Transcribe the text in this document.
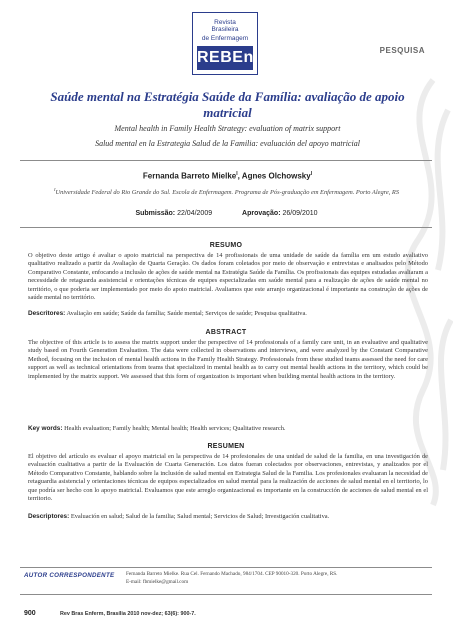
Revista
Brasileira
de Enfermagem
REBEn	PESQUISA
Saúde mental na Estratégia Saúde da Família: avaliação de apoio matricial
Mental health in Family Health Strategy: evaluation of matrix support
Salud mental en la Estrategia Salud de la Familia: evaluación del apoyo matricial
Fernanda Barreto Mielke$^I$, Agnes Olchowsky$^I$
$^I$Universidade Federal do Rio Grande do Sul. Escola de Enfermagem. Programa de Pós-graduação em Enfermagem. Porto Alegre, RS
Submissão: 22/04/2009	Aprovação: 26/09/2010
RESUMO
O objetivo deste artigo é avaliar o apoio matricial na perspectiva de 14 profissionais de uma unidade de saúde da família em um estudo avaliativo qualitativo realizado a partir da Avaliação de Quarta Geração. Os dados foram coletados por meio de observação e entrevistas e analisados pelo Método Comparativo Constante, enfocando a inclusão de ações de saúde mental na Estratégia Saúde da Família. Os profissionais das equipes estudadas avaliaram a necessidade de retaguarda assistencial e orientações técnicas de equipes especializadas em saúde mental para a realização de ações de saúde mental no território, o que poderia ser implementado por meio do apoio matricial. Avaliamos que este arranjo organizacional é importante na construção de ações de saúde mental no território.
Descritores: Avaliação em saúde; Saúde da família; Saúde mental; Serviços de saúde; Pesquisa qualitativa.
ABSTRACT
The objective of this article is to assess the matrix support under the perspective of 14 professionals of a family care unit, in an evaluative and qualitative study based on Fourth Generation Evaluation. The data were collected in observations and interviews, and were analyzed by the Constant Comparative Method, focusing on the inclusion of mental health actions in the Family Health Strategy. Professionals from these studied teams assessed the need for care support as well as technical orientations from teams that specialized in mental health as to carry out mental health actions in the territory, which could be implemented by the matrix support. We assessed that this form of organization is important when building mental health actions in the territory.
Key words: Health evaluation; Family health; Mental health; Health services; Qualitative research.
RESUMEN
El objetivo del artículo es evaluar el apoyo matricial en la perspectiva de 14 profesionales de una unidad de salud de la familia, en una investigación de evaluación cualitativa a partir de la Evaluación de Cuarta Generación. Los datos fueran colectados por observaciones, entrevistas, y analizados por el Método Comparativo Constante, hablando sobre la inclusión de salud mental en Estrategia Salud de la Familia. Los profesionales evaluaran la necesidad de retaguardia asistencial y orientaciones técnicas de equipos especializados en salud mental para la realización de acciones de salud mental en el territorio, lo que podría ser hecho con lo apoyo matricial. Evaluamos que este arreglo organizacional es importante en la construcción de acciones de salud mental en el territorio.
Descriptores: Evaluación en salud; Salud de la familia; Salud mental; Servicios de Salud; Investigación cualitativa.
AUTOR CORRESPONDENTE Fernanda Barreto Mielke. Rua Cel. Fernando Machado, 984/1704. CEP 90010-320. Porto Alegre, RS.
E-mail: fbmielke@gmail.com
900	Rev Bras Enferm, Brasília 2010 nov-dez; 63(6): 900-7.
